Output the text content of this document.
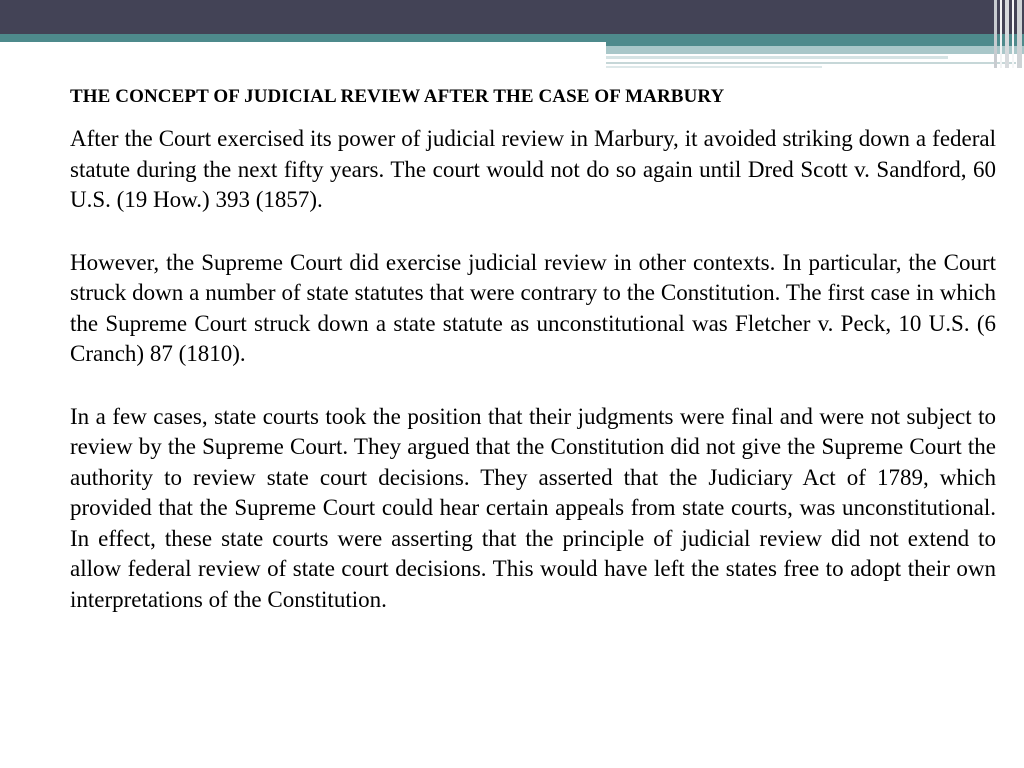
THE CONCEPT OF JUDICIAL REVIEW AFTER THE CASE OF MARBURY

After the Court exercised its power of judicial review in Marbury, it avoided striking down a federal statute during the next fifty years. The court would not do so again until Dred Scott v. Sandford, 60 U.S. (19 How.) 393 (1857).

However, the Supreme Court did exercise judicial review in other contexts. In particular, the Court struck down a number of state statutes that were contrary to the Constitution. The first case in which the Supreme Court struck down a state statute as unconstitutional was Fletcher v. Peck, 10 U.S. (6 Cranch) 87 (1810).

In a few cases, state courts took the position that their judgments were final and were not subject to review by the Supreme Court. They argued that the Constitution did not give the Supreme Court the authority to review state court decisions. They asserted that the Judiciary Act of 1789, which provided that the Supreme Court could hear certain appeals from state courts, was unconstitutional. In effect, these state courts were asserting that the principle of judicial review did not extend to allow federal review of state court decisions. This would have left the states free to adopt their own interpretations of the Constitution.
